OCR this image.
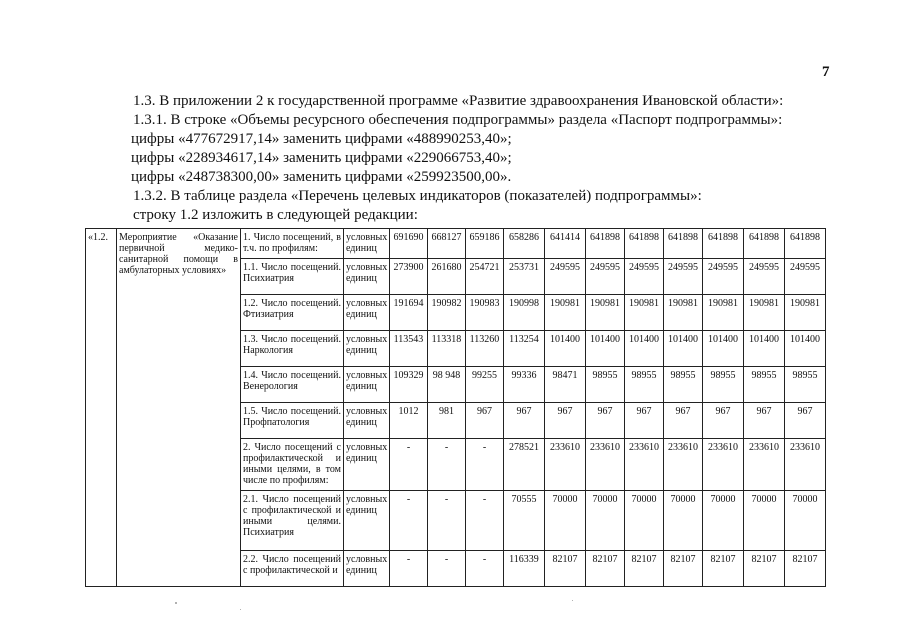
7
1.3. В приложении 2 к государственной программе «Развитие здравоохранения Ивановской области»:
1.3.1. В строке «Объемы ресурсного обеспечения подпрограммы» раздела «Паспорт подпрограммы»:
цифры «477672917,14» заменить цифрами «488990253,40»;
цифры «228934617,14» заменить цифрами «229066753,40»;
цифры «248738300,00» заменить цифрами «259923500,00».
1.3.2. В таблице раздела «Перечень целевых индикаторов (показателей) подпрограммы»:
строку 1.2 изложить в следующей редакции:
«1.2.	Мероприятие «Оказание первичной медико-санитарной помощи в амбулаторных условиях»	1. Число посещений, в т.ч. по профилям:	условных единиц	691690	668127	659186	658286	641414	641898	641898	641898	641898	641898	641898
		1.1. Число посещений. Психиатрия	условных единиц	273900	261680	254721	253731	249595	249595	249595	249595	249595	249595	249595
		1.2. Число посещений. Фтизиатрия	условных единиц	191694	190982	190983	190998	190981	190981	190981	190981	190981	190981	190981
		1.3. Число посещений. Наркология	условных единиц	113543	113318	113260	113254	101400	101400	101400	101400	101400	101400	101400
		1.4. Число посещений. Венерология	условных единиц	109329	98 948	99255	99336	98471	98955	98955	98955	98955	98955	98955
		1.5. Число посещений. Профпатология	условных единиц	1012	981	967	967	967	967	967	967	967	967	967
		2. Число посещений с профилактической и иными целями, в том числе по профилям:	условных единиц	-	-	-	278521	233610	233610	233610	233610	233610	233610	233610
		2.1. Число посещений с профилактической и иными целями. Психиатрия	условных единиц	-	-	-	70555	70000	70000	70000	70000	70000	70000	70000
		2.2. Число посещений с профилактической и	условных единиц	-	-	-	116339	82107	82107	82107	82107	82107	82107	82107
